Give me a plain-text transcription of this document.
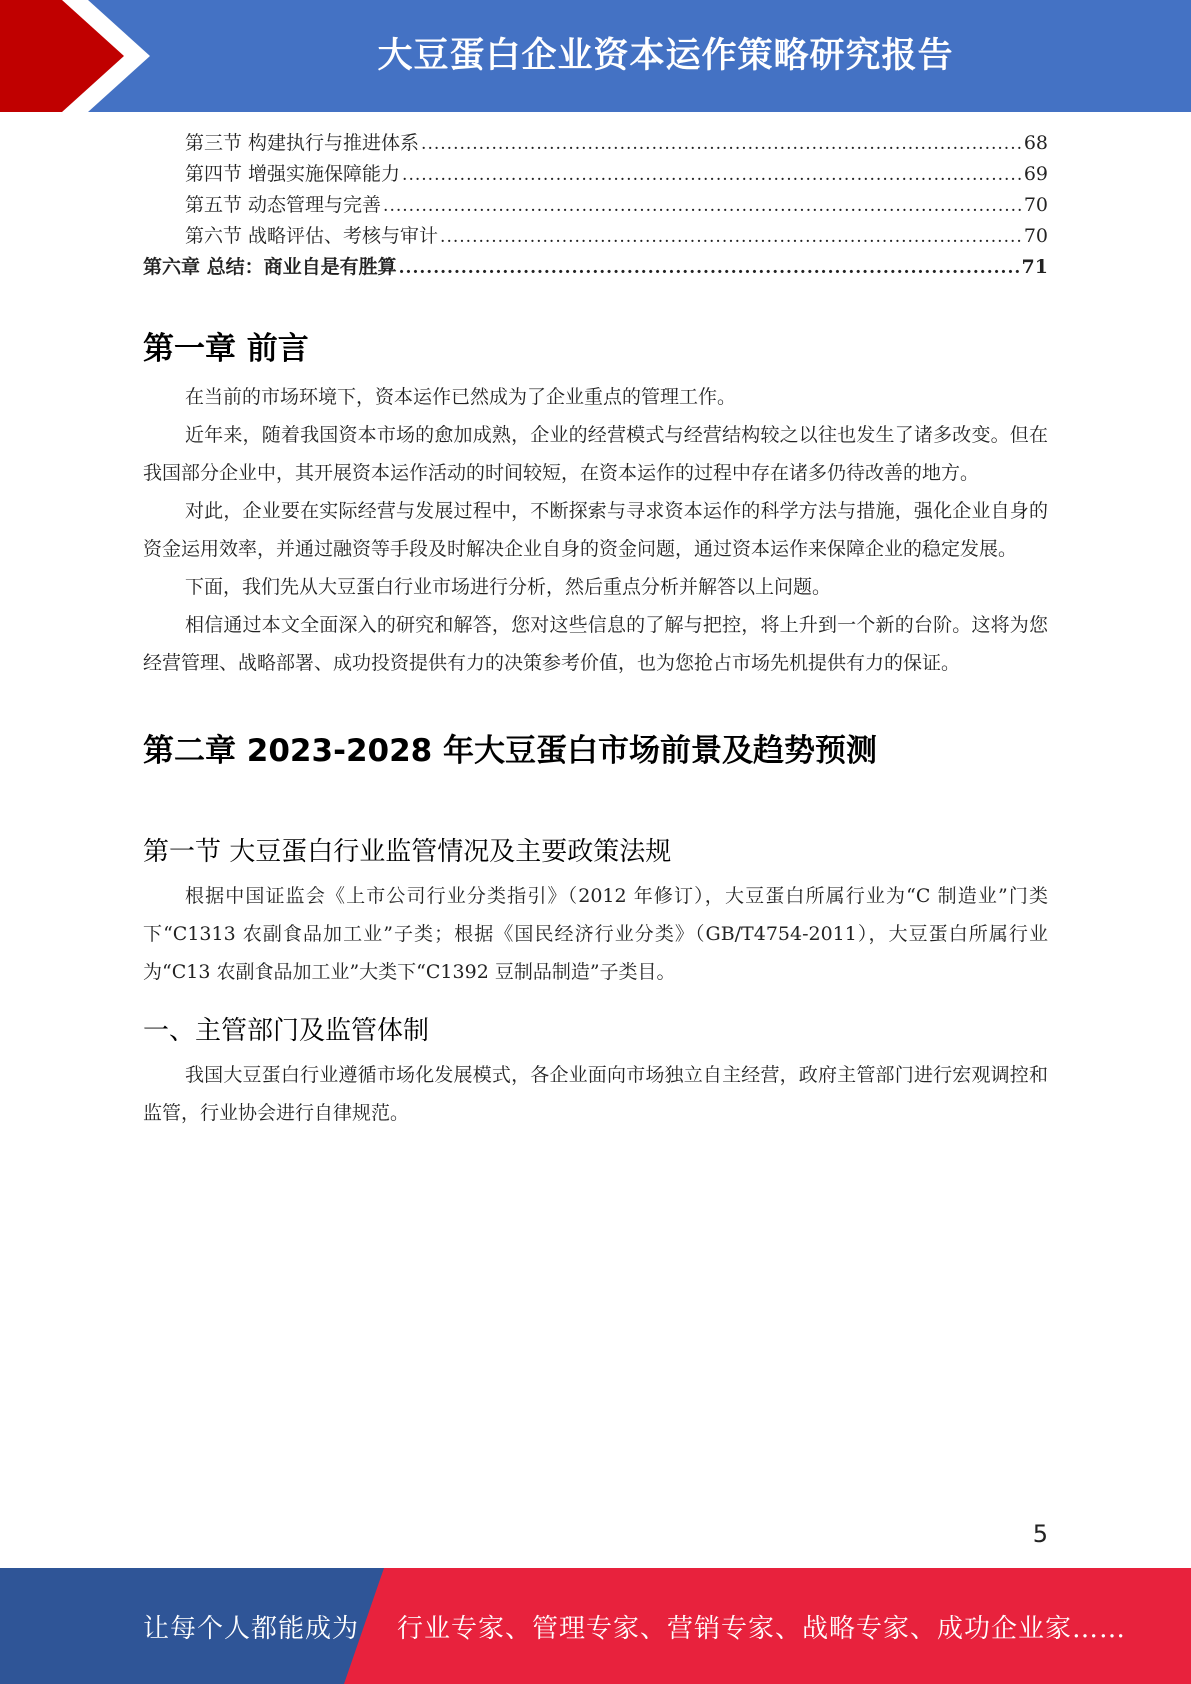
大豆蛋白企业资本运作策略研究报告
第三节 构建执行与推进体系 .....	68
第四节 增强实施保障能力 .....	69
第五节 动态管理与完善 .....	70
第六节 战略评估、考核与审计 .....	70
第六章 总结：商业自是有胜算 .....	71
第一章 前言

在当前的市场环境下，资本运作已然成为了企业重点的管理工作。

近年来，随着我国资本市场的愈加成熟，企业的经营模式与经营结构较之以往也发生了诸多改变。但在我国部分企业中，其开展资本运作活动的时间较短，在资本运作的过程中存在诸多仍待改善的地方。

对此，企业要在实际经营与发展过程中，不断探索与寻求资本运作的科学方法与措施，强化企业自身的资金运用效率，并通过融资等手段及时解决企业自身的资金问题，通过资本运作来保障企业的稳定发展。

下面，我们先从大豆蛋白行业市场进行分析，然后重点分析并解答以上问题。

相信通过本文全面深入的研究和解答，您对这些信息的了解与把控，将上升到一个新的台阶。这将为您经营管理、战略部署、成功投资提供有力的决策参考价值，也为您抢占市场先机提供有力的保证。

第二章 2023-2028 年大豆蛋白市场前景及趋势预测
第一节 大豆蛋白行业监管情况及主要政策法规

根据中国证监会《上市公司行业分类指引》（2012 年修订），大豆蛋白所属行业为“C 制造业”门类下“C1313 农副食品加工业”子类；根据《国民经济行业分类》（GB/T4754-2011），大豆蛋白所属行业为“C13 农副食品加工业”大类下“C1392 豆制品制造”子类目。

一、主管部门及监管体制

我国大豆蛋白行业遵循市场化发展模式，各企业面向市场独立自主经营，政府主管部门进行宏观调控和监管，行业协会进行自律规范。

5
让每个人都能成为 行业专家、管理专家、营销专家、战略专家、成功企业家……
